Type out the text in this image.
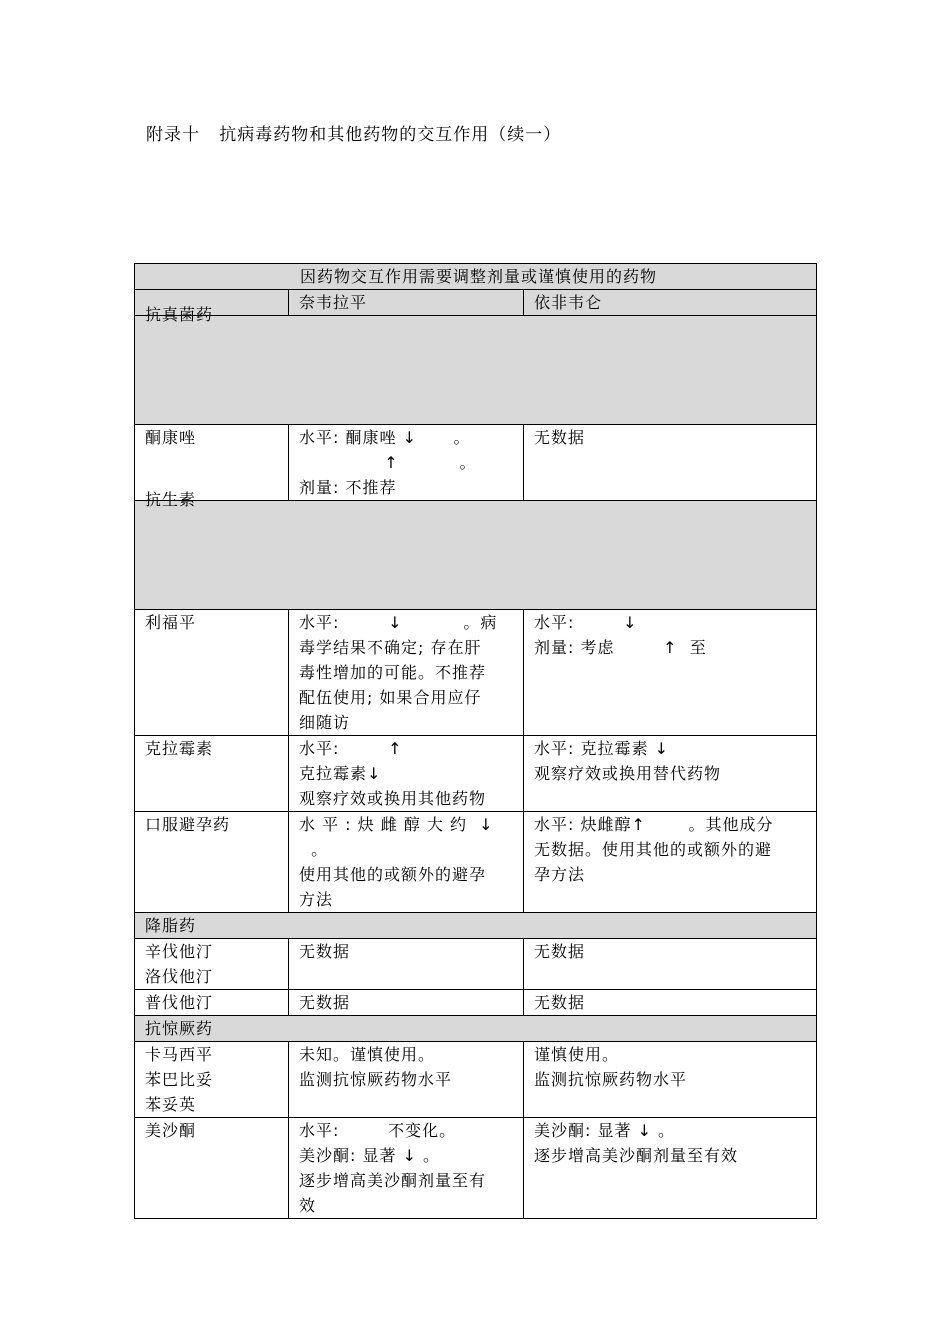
附录十   抗病毒药物和其他药物的交互作用（续一）
因药物交互作用需要调整剂量或谨慎使用的药物		
	奈韦拉平	依非韦仑
抗真菌药		

酮康唑	水平: 酮康唑 ↓      。
↑          。
剂量: 不推荐	无数据

抗生素		

利福平	水平:        ↓          。病
毒学结果不确定; 存在肝
毒性增加的可能。不推荐
配伍使用; 如果合用应仔
细随访	水平:        ↓
剂量: 考虑        ↑  至

克拉霉素	水平:        ↑
克拉霉素↓
观察疗效或换用其他药物	水平: 克拉霉素 ↓
观察疗效或换用替代药物

口服避孕药	水 平 : 炔 雌 醇 大 约  ↓
。
使用其他的或额外的避孕
方法	水平: 炔雌醇↑       。其他成分
无数据。使用其他的或额外的避
孕方法

降脂药		

辛伐他汀
洛伐他汀	无数据	无数据

普伐他汀	无数据	无数据

抗惊厥药		

卡马西平
苯巴比妥
苯妥英	未知。谨慎使用。
监测抗惊厥药物水平	谨慎使用。
监测抗惊厥药物水平

美沙酮	水平:        不变化。
美沙酮: 显著 ↓ 。
逐步增高美沙酮剂量至有
效	美沙酮: 显著 ↓ 。
逐步增高美沙酮剂量至有效
